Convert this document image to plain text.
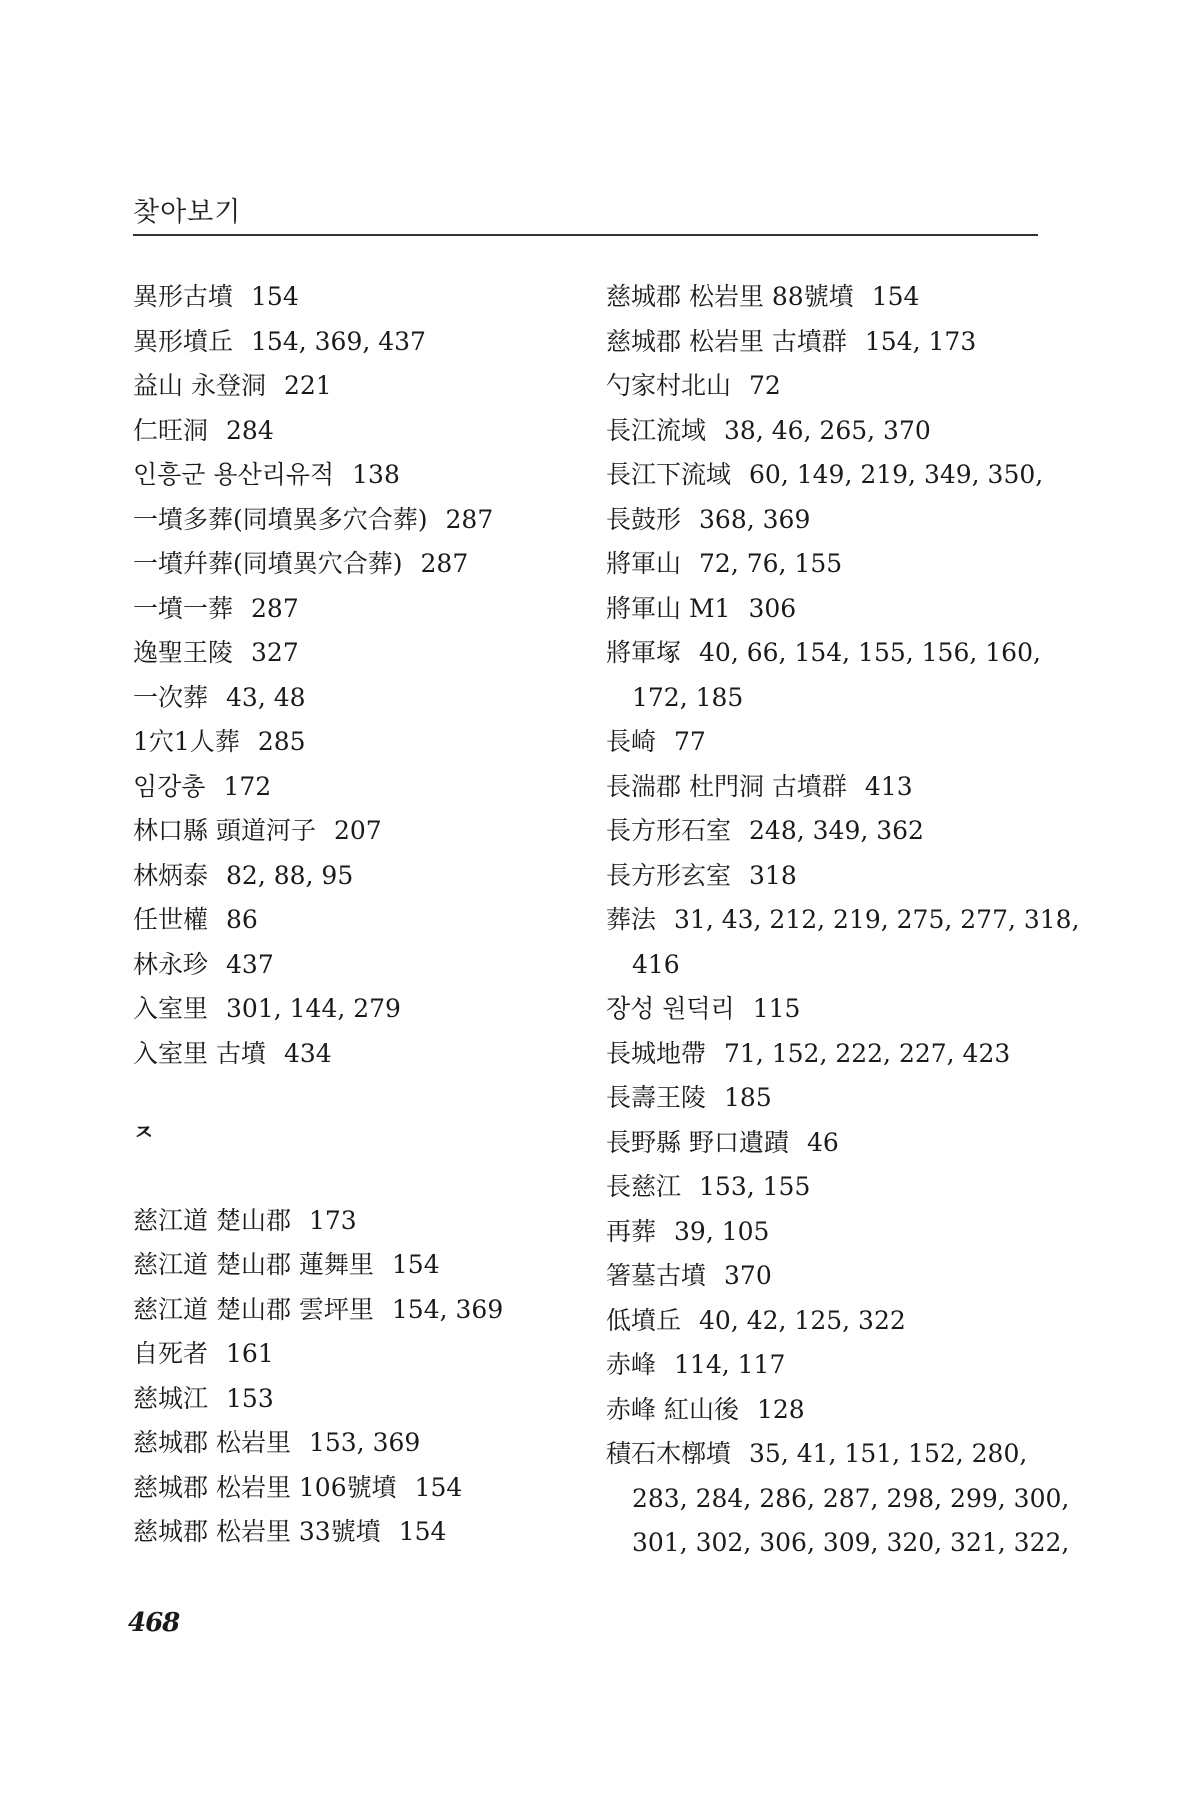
찾아보기
異形古墳 154
異形墳丘 154, 369, 437
益山 永登洞 221
仁旺洞 284
인흥군 용산리유적 138
一墳多葬(同墳異多穴合葬) 287
一墳幷葬(同墳異穴合葬) 287
一墳一葬 287
逸聖王陵 327
一次葬 43, 48
1穴1人葬 285
임강총 172
林口縣 頭道河子 207
林炳泰 82, 88, 95
任世權 86
林永珍 437
入室里 301, 144, 279
入室里 古墳 434
ㅈ
慈江道 楚山郡 173
慈江道 楚山郡 蓮舞里 154
慈江道 楚山郡 雲坪里 154, 369
自死者 161
慈城江 153
慈城郡 松岩里 153, 369
慈城郡 松岩里 106號墳 154
慈城郡 松岩里 33號墳 154
慈城郡 松岩里 88號墳 154
慈城郡 松岩里 古墳群 154, 173
勺家村北山 72
長江流域 38, 46, 265, 370
長江下流域 60, 149, 219, 349, 350,
長鼓形 368, 369
將軍山 72, 76, 155
將軍山 M1 306
將軍塚 40, 66, 154, 155, 156, 160,
172, 185
長崎 77
長湍郡 杜門洞 古墳群 413
長方形石室 248, 349, 362
長方形玄室 318
葬法 31, 43, 212, 219, 275, 277, 318,
416
장성 원덕리 115
長城地帶 71, 152, 222, 227, 423
長壽王陵 185
長野縣 野口遺蹟 46
長慈江 153, 155
再葬 39, 105
箸墓古墳 370
低墳丘 40, 42, 125, 322
赤峰 114, 117
赤峰 紅山後 128
積石木槨墳 35, 41, 151, 152, 280,
283, 284, 286, 287, 298, 299, 300,
301, 302, 306, 309, 320, 321, 322,
468
